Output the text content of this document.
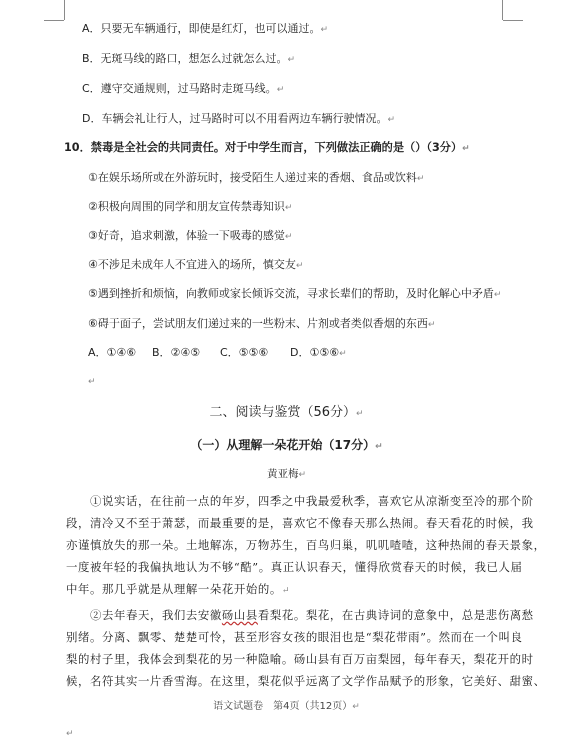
A．只要无车辆通行，即使是红灯，也可以通过。↵
B．无斑马线的路口，想怎么过就怎么过。↵
C．遵守交通规则，过马路时走斑马线。↵
D．车辆会礼让行人，过马路时可以不用看两边车辆行驶情况。↵
10．禁毒是全社会的共同责任。对于中学生而言，下列做法正确的是（）（3分）↵
①在娱乐场所或在外游玩时，接受陌生人递过来的香烟、食品或饮料↵
②积极向周围的同学和朋友宣传禁毒知识↵
③好奇，追求刺激，体验一下吸毒的感觉↵
④不涉足未成年人不宜进入的场所，慎交友↵
⑤遇到挫折和烦恼，向教师或家长倾诉交流，寻求长辈们的帮助，及时化解心中矛盾↵
⑥碍于面子，尝试朋友们递过来的一些粉末、片剂或者类似香烟的东西↵
A．①④⑥ B．②④⑤ C．⑤⑤⑥ D．①⑤⑥↵
↵
二、阅读与鉴赏（56分）↵
（一）从理解一朵花开始（17分）↵
黄亚梅↵
①说实话，在往前一点的年岁，四季之中我最爱秋季，喜欢它从凉渐变至冷的那个阶
段，清冷又不至于萧瑟，而最重要的是，喜欢它不像春天那么热闹。春天看花的时候，我
亦谨慎放失的那一朵。土地解冻，万物苏生，百鸟归巢，叽叽喳喳，这种热闹的春天景象，
一度被年轻的我偏执地认为不够“酷”。真正认识春天，懂得欣赏春天的时候，我已人届
中年。那几乎就是从理解一朵花开始的。↵
②去年春天，我们去安徽砀山县看梨花。梨花，在古典诗词的意象中，总是悲伤离愁
别绪。分离、飘零、楚楚可怜，甚至形容女孩的眼泪也是“梨花带雨”。然而在一个叫良
梨的村子里，我体会到梨花的另一种隐喻。砀山县有百万亩梨园，每年春天，梨花开的时
候，名符其实一片香雪海。在这里，梨花似乎远离了文学作品赋予的形象，它美好、甜蜜、
语文试题卷　第4页（共12页）↵
↵
